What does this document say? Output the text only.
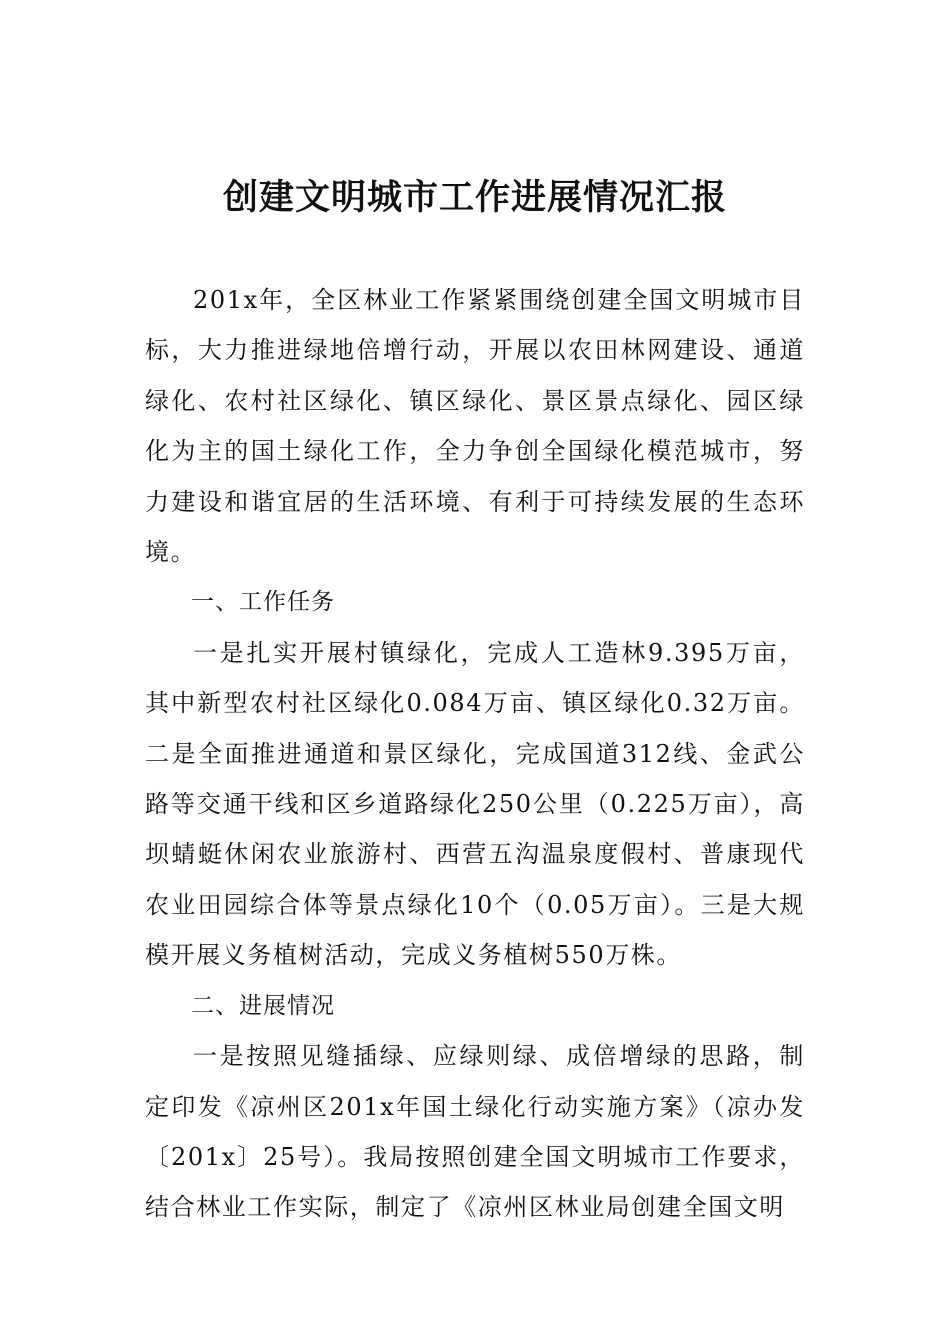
创建文明城市工作进展情况汇报

201x年，全区林业工作紧紧围绕创建全国文明城市目标，大力推进绿地倍增行动，开展以农田林网建设、通道绿化、农村社区绿化、镇区绿化、景区景点绿化、园区绿化为主的国土绿化工作，全力争创全国绿化模范城市，努力建设和谐宜居的生活环境、有利于可持续发展的生态环境。

一、工作任务

一是扎实开展村镇绿化，完成人工造林9.395万亩，其中新型农村社区绿化0.084万亩、镇区绿化0.32万亩。二是全面推进通道和景区绿化，完成国道312线、金武公路等交通干线和区乡道路绿化250公里（0.225万亩），高坝蜻蜓休闲农业旅游村、西营五沟温泉度假村、普康现代农业田园综合体等景点绿化10个（0.05万亩）。三是大规模开展义务植树活动，完成义务植树550万株。

二、进展情况

一是按照见缝插绿、应绿则绿、成倍增绿的思路，制定印发《凉州区201x年国土绿化行动实施方案》（凉办发〔201x〕25号）。我局按照创建全国文明城市工作要求，结合林业工作实际，制定了《凉州区林业局创建全国文明
